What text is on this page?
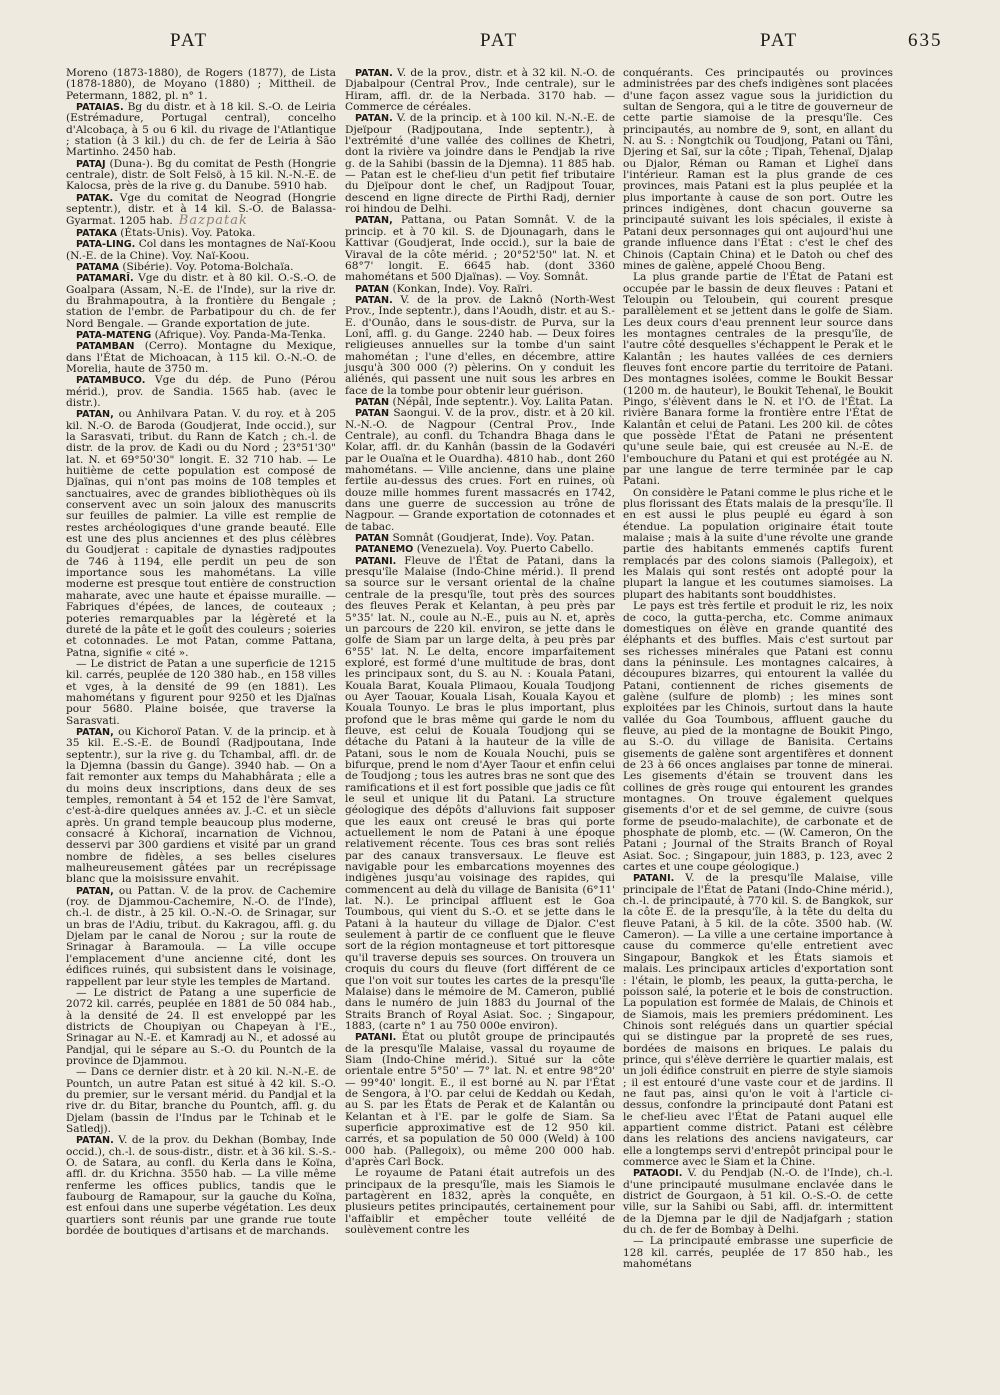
PAT	PAT	PAT	635

Moreno (1873-1880), de Rogers (1877), de Lista (1878-1880), de Moyano (1880) ; Mittheil. de Petermann, 1882, pl. n° 1.

PATAIAS. Bg du distr. et à 18 kil. S.-O. de Leiria (Estrémadure, Portugal central), concelho d'Alcobaça, à 5 ou 6 kil. du rivage de l'Atlantique ; station (à 3 kil.) du ch. de fer de Leiria à São Martinho. 2450 hab.

PATAJ (Duna-). Bg du comitat de Pesth (Hongrie centrale), distr. de Solt Felsö, à 15 kil. N.-N.-E. de Kalocsa, près de la rive g. du Danube. 5910 hab.

PATAK. Vge du comitat de Neograd (Hongrie septentr.), distr. et à 14 kil. S.-O. de Balassa-Gyarmat. 1205 hab. Bazpatak

PATAKA (États-Unis). Voy. Patoka.

PATA-LING. Col dans les montagnes de Naï-Koou (N.-E. de la Chine). Voy. Naï-Koou.

PATAMA (Sibérie). Voy. Potoma-Bolchaïa.

PATAMARÎ. Vge du distr. et à 80 kil. O.-S.-O. de Goalpara (Assam, N.-E. de l'Inde), sur la rive dr. du Brahmapoutra, à la frontière du Bengale ; station de l'embr. de Parbatipour du ch. de fer Nord Bengale. — Grande exportation de jute.

PATA-MATENG (Afrique). Voy. Panda-Ma-Tenka.

PATAMBAN (Cerro). Montagne du Mexique, dans l'État de Michoacan, à 115 kil. O.-N.-O. de Morelia, haute de 3750 m.

PATAMBUCO. Vge du dép. de Puno (Pérou mérid.), prov. de Sandia. 1565 hab. (avec le distr.).

PATAN, ou Anhilvara Patan. V. du roy. et à 205 kil. N.-O. de Baroda (Goudjerat, Inde occid.), sur la Sarasvati, tribut. du Rann de Katch ; ch.-l. de distr. de la prov. de Kadi ou du Nord ; 23°51'30" lat. N. et 69°50'30" longit. E. 32 710 hab. — Le huitième de cette population est composé de Djaïnas, qui n'ont pas moins de 108 temples et sanctuaires, avec de grandes bibliothèques où ils conservent avec un soin jaloux des manuscrits sur feuilles de palmier. La ville est remplie de restes archéologiques d'une grande beauté. Elle est une des plus anciennes et des plus célèbres du Goudjerat : capitale de dynasties radjpoutes de 746 à 1194, elle perdit un peu de son importance sous les mahométans. La ville moderne est presque tout entière de construction maharate, avec une haute et épaisse muraille. — Fabriques d'épées, de lances, de couteaux ; poteries remarquables par la légèreté et la dureté de la pâte et le goût des couleurs ; soieries et cotonnades. Le mot Patan, comme Pattana, Patna, signifie « cité ».

— Le district de Patan a une superficie de 1215 kil. carrés, peuplée de 120 380 hab., en 158 villes et vges, à la densité de 99 (en 1881). Les mahométans y figurent pour 9250 et les Djaïnas pour 5680. Plaine boisée, que traverse la Sarasvati.

PATAN, ou Kichoroï Patan. V. de la princip. et à 35 kil. E.-S.-E. de Boundî (Radjpoutana, Inde septentr.), sur la rive g. du Tchambal, affl. dr. de la Djemna (bassin du Gange). 3940 hab. — On a fait remonter aux temps du Mahabhârata ; elle a du moins deux inscriptions, dans deux de ses temples, remontant à 54 et 152 de l'ère Samvat, c'est-à-dire quelques années av. J.-C. et un siècle après. Un grand temple beaucoup plus moderne, consacré à Kichoraï, incarnation de Vichnou, desservi par 300 gardiens et visité par un grand nombre de fidèles, a ses belles ciselures malheureusement gâtées par un recrépissage blanc que la moisissure envahit.

PATAN, ou Pattan. V. de la prov. de Cachemire (roy. de Djammou-Cachemire, N.-O. de l'Inde), ch.-l. de distr., à 25 kil. O.-N.-O. de Srinagar, sur un bras de l'Adiu, tribut. du Kakragou, affl. g. du Djelam par le canal de Norou ; sur la route de Srinagar à Baramoula. — La ville occupe l'emplacement d'une ancienne cité, dont les édifices ruinés, qui subsistent dans le voisinage, rappellent par leur style les temples de Martand.

— Le district de Patang a une superficie de 2072 kil. carrés, peuplée en 1881 de 50 084 hab., à la densité de 24. Il est enveloppé par les districts de Choupiyan ou Chapeyan à l'E., Srinagar au N.-E. et Kamradj au N., et adossé au Pandjal, qui le sépare au S.-O. du Pountch de la province de Djammou.

— Dans ce dernier distr. et à 20 kil. N.-N.-E. de Pountch, un autre Patan est situé à 42 kil. S.-O. du premier, sur le versant mérid. du Pandjal et la rive dr. du Bitar, branche du Pountch, affl. g. du Djelam (bassin de l'Indus par le Tchinab et le Satledj).

PATAN. V. de la prov. du Dekhan (Bombay, Inde occid.), ch.-l. de sous-distr., distr. et à 36 kil. S.-S.-O. de Satara, au confl. du Kerla dans le Koïna, affl. dr. du Krichna. 3550 hab. — La ville même renferme les offices publics, tandis que le faubourg de Ramapour, sur la gauche du Koïna, est enfoui dans une superbe végétation. Les deux quartiers sont réunis par une grande rue toute bordée de boutiques d'artisans et de marchands.

PATAN. V. de la prov., distr. et à 32 kil. N.-O. de Djabalpour (Central Prov., Inde centrale), sur le Hiram, affl. dr. de la Nerbada. 3170 hab. — Commerce de céréales.

PATAN. V. de la princip. et à 100 kil. N.-N.-E. de Djeïpour (Radjpoutana, Inde septentr.), à l'extrémité d'une vallée des collines de Khetri, dont la rivière va joindre dans le Pendjab la rive g. de la Sahibi (bassin de la Djemna). 11 885 hab. — Patan est le chef-lieu d'un petit fief tributaire du Djeïpour dont le chef, un Radjpout Touar, descend en ligne directe de Pirthi Radj, dernier roi hindou de Delhi.

PATAN, Pattana, ou Patan Somnât. V. de la princip. et à 70 kil. S. de Djounagarh, dans le Kattivar (Goudjerat, Inde occid.), sur la baie de Viraval de la côte mérid. ; 20°52'50" lat. N. et 68°7' longit. E. 6645 hab. (dont 3360 mahométans et 500 Djaïnas). — Voy. Somnât.

PATAN (Konkan, Inde). Voy. Raïri.

PATAN. V. de la prov. de Laknô (North-West Prov., Inde septentr.), dans l'Aoudh, distr. et au S.-E. d'Ounâo, dans le sous-distr. de Purva, sur la Lonî, affl. g. du Gange. 2240 hab. — Deux foires religieuses annuelles sur la tombe d'un saint mahométan ; l'une d'elles, en décembre, attire jusqu'à 300 000 (?) pèlerins. On y conduit les aliénés, qui passent une nuit sous les arbres en face de la tombe pour obtenir leur guérison.

PATAN (Népâl, Inde septentr.). Voy. Lalita Patan.

PATAN Saongui. V. de la prov., distr. et à 20 kil. N.-N.-O. de Nagpour (Central Prov., Inde Centrale), au confl. du Tchandra Bhaga dans le Kolar, affl. dr. du Kanhân (bassin de la Godavéri par le Ouaïna et le Ouardha). 4810 hab., dont 260 mahométans. — Ville ancienne, dans une plaine fertile au-dessus des crues. Fort en ruines, où douze mille hommes furent massacrés en 1742, dans une guerre de succession au trône de Nagpour. — Grande exportation de cotonnades et de tabac.

PATAN Somnât (Goudjerat, Inde). Voy. Patan.

PATANEMO (Venezuela). Voy. Puerto Cabello.

PATANI. Fleuve de l'État de Patani, dans la presqu'île Malaise (Indo-Chine mérid.). Il prend sa source sur le versant oriental de la chaîne centrale de la presqu'île, tout près des sources des fleuves Perak et Kelantan, à peu près par 5°35' lat. N., coule au N.-E., puis au N. et, après un parcours de 220 kil. environ, se jette dans le golfe de Siam par un large delta, à peu près par 6°55' lat. N. Le delta, encore imparfaitement exploré, est formé d'une multitude de bras, dont les principaux sont, du S. au N. : Kouala Patani, Kouala Barat, Kouala Plimaou, Kouala Toudjong ou Ayer Taouar, Kouala Lisah, Kouala Kayou et Kouala Tounyo. Le bras le plus important, plus profond que le bras même qui garde le nom du fleuve, est celui de Kouala Toudjong qui se détache du Patani à la hauteur de la ville de Patani, sous le nom de Kouala Nouchi, puis se bifurque, prend le nom d'Ayer Taour et enfin celui de Toudjong ; tous les autres bras ne sont que des ramifications et il est fort possible que jadis ce fût le seul et unique lit du Patani. La structure géologique des dépôts d'alluvions fait supposer que les eaux ont creusé le bras qui porte actuellement le nom de Patani à une époque relativement récente. Tous ces bras sont reliés par des canaux transversaux. Le fleuve est navigable pour les embarcations moyennes des indigènes jusqu'au voisinage des rapides, qui commencent au delà du village de Banisita (6°11' lat. N.). Le principal affluent est le Goa Toumbous, qui vient du S.-O. et se jette dans le Patani à la hauteur du village de Djalor. C'est seulement à partir de ce confluent que le fleuve sort de la région montagneuse et tort pittoresque qu'il traverse depuis ses sources. On trouvera un croquis du cours du fleuve (fort différent de ce que l'on voit sur toutes les cartes de la presqu'île Malaise) dans le mémoire de M. Cameron, publié dans le numéro de juin 1883 du Journal of the Straits Branch of Royal Asiat. Soc. ; Singapour, 1883, (carte n° 1 au 750 000e environ).

PATANI. État ou plutôt groupe de principautés de la presqu'île Malaise, vassal du royaume de Siam (Indo-Chine mérid.). Situé sur la côte orientale entre 5°50' — 7° lat. N. et entre 98°20' — 99°40' longit. E., il est borné au N. par l'État de Sengora, à l'O. par celui de Keddah ou Kedah, au S. par les États de Perak et de Kalantân ou Kelantan et à l'E. par le golfe de Siam. Sa superficie approximative est de 12 950 kil. carrés, et sa population de 50 000 (Weld) à 100 000 hab. (Pallegoix), ou même 200 000 hab. d'après Carl Bock.

Le royaume de Patani était autrefois un des principaux de la presqu'île, mais les Siamois le partagèrent en 1832, après la conquête, en plusieurs petites principautés, certainement pour l'affaiblir et empêcher toute velléité de soulèvement contre les

conquérants. Ces principautés ou provinces administrées par des chefs indigènes sont placées d'une façon assez vague sous la juridiction du sultan de Sengora, qui a le titre de gouverneur de cette partie siamoise de la presqu'île. Ces principautés, au nombre de 9, sont, en allant du N. au S. : Nongtchik ou Toudjong, Patani ou Tâni, Djering et Saï, sur la côte ; Tipah, Tehenaï, Djalap ou Djalor, Réman ou Raman et Ligheï dans l'intérieur. Raman est la plus grande de ces provinces, mais Patani est la plus peuplée et la plus importante à cause de son port. Outre les princes indigènes, dont chacun gouverne sa principauté suivant les lois spéciales, il existe à Patani deux personnages qui ont aujourd'hui une grande influence dans l'État : c'est le chef des Chinois (Captain China) et le Datoh ou chef des mines de galène, appelé Choou Beng.

La plus grande partie de l'État de Patani est occupée par le bassin de deux fleuves : Patani et Teloupin ou Teloubein, qui courent presque parallèlement et se jettent dans le golfe de Siam. Les deux cours d'eau prennent leur source dans les montagnes centrales de la presqu'île, de l'autre côté desquelles s'échappent le Perak et le Kalantân ; les hautes vallées de ces derniers fleuves font encore partie du territoire de Patani. Des montagnes isolées, comme le Boukit Bessar (1200 m. de hauteur), le Boukit Tehenaï, le Boukit Pingo, s'élèvent dans le N. et l'O. de l'État. La rivière Banara forme la frontière entre l'État de Kalantân et celui de Patani. Les 200 kil. de côtes que possède l'État de Patani ne présentent qu'une seule baie, qui est creusée au N.-E. de l'embouchure du Patani et qui est protégée au N. par une langue de terre terminée par le cap Patani.

On considère le Patani comme le plus riche et le plus florissant des États malais de la presqu'île. Il en est aussi le plus peuplé eu égard à son étendue. La population originaire était toute malaise ; mais à la suite d'une révolte une grande partie des habitants emmenés captifs furent remplacés par des colons siamois (Pallegoix), et les Malais qui sont restés ont adopté pour la plupart la langue et les coutumes siamoises. La plupart des habitants sont bouddhistes.

Le pays est très fertile et produit le riz, les noix de coco, la gutta-percha, etc. Comme animaux domestiques on élève en grande quantité des éléphants et des buffles. Mais c'est surtout par ses richesses minérales que Patani est connu dans la péninsule. Les montagnes calcaires, à découpures bizarres, qui entourent la vallée du Patani, contiennent de riches gisements de galène (sulfure de plomb) ; les mines sont exploitées par les Chinois, surtout dans la haute vallée du Goa Toumbous, affluent gauche du fleuve, au pied de la montagne de Boukit Pingo, au S.-O. du village de Banisita. Certains gisements de galène sont argentifères et donnent de 23 à 66 onces anglaises par tonne de minerai. Les gisements d'étain se trouvent dans les collines de grès rouge qui entourent les grandes montagnes. On trouve également quelques gisements d'or et de sel gemme, de cuivre (sous forme de pseudo-malachite), de carbonate et de phosphate de plomb, etc. — (W. Cameron, On the Patani ; Journal of the Straits Branch of Royal Asiat. Soc. ; Singapour, juin 1883, p. 123, avec 2 cartes et une coupe géologique.)

PATANI. V. de la presqu'île Malaise, ville principale de l'État de Patani (Indo-Chine mérid.), ch.-l. de principauté, à 770 kil. S. de Bangkok, sur la côte E. de la presqu'île, à la tête du delta du fleuve Patani, à 5 kil. de la côte. 3500 hab. (W. Cameron). — La ville a une certaine importance à cause du commerce qu'elle entretient avec Singapour, Bangkok et les États siamois et malais. Les principaux articles d'exportation sont : l'étain, le plomb, les peaux, la gutta-percha, le poisson salé, la poterie et le bois de construction. La population est formée de Malais, de Chinois et de Siamois, mais les premiers prédominent. Les Chinois sont relégués dans un quartier spécial qui se distingue par la propreté de ses rues, bordées de maisons en briques. Le palais du prince, qui s'élève derrière le quartier malais, est un joli édifice construit en pierre de style siamois ; il est entouré d'une vaste cour et de jardins. Il ne faut pas, ainsi qu'on le voit à l'article ci-dessus, confondre la principauté dont Patani est le chef-lieu avec l'État de Patani auquel elle appartient comme district. Patani est célèbre dans les relations des anciens navigateurs, car elle a longtemps servi d'entrepôt principal pour le commerce avec le Siam et la Chine.

PATAODI. V. du Pendjab (N.-O. de l'Inde), ch.-l. d'une principauté musulmane enclavée dans le district de Gourgaon, à 51 kil. O.-S.-O. de cette ville, sur la Sahibi ou Sabi, affl. dr. intermittent de la Djemna par le djil de Nadjafgarh ; station du ch. de fer de Bombay à Delhi.

— La principauté embrasse une superficie de 128 kil. carrés, peuplée de 17 850 hab., les mahométans
